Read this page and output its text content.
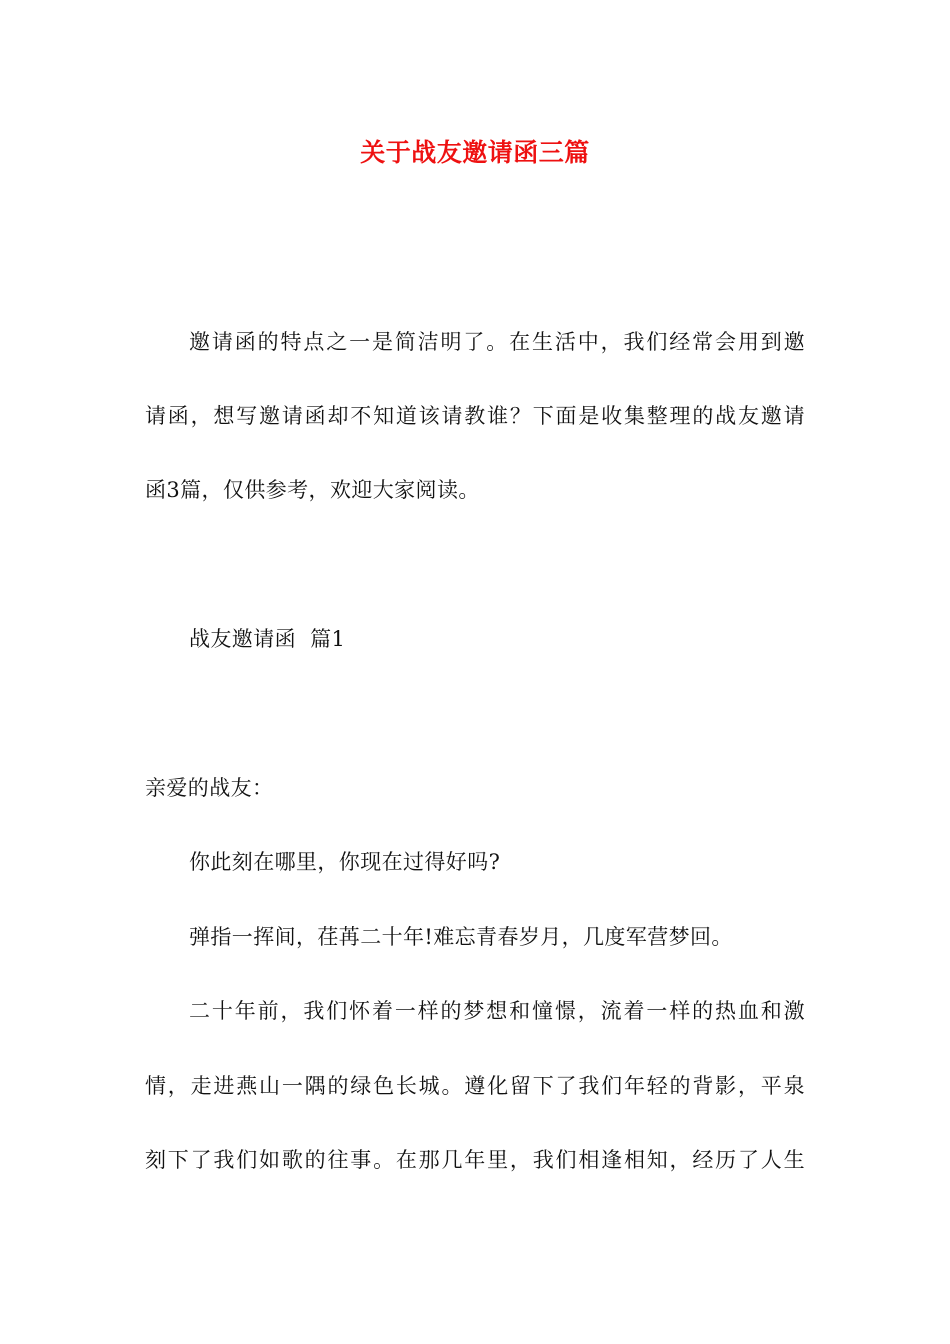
关于战友邀请函三篇
邀请函的特点之一是简洁明了。在生活中，我们经常会用到邀
请函，想写邀请函却不知道该请教谁？下面是收集整理的战友邀请
函3篇，仅供参考，欢迎大家阅读。
战友邀请函  篇1
亲爱的战友：
你此刻在哪里，你现在过得好吗?
弹指一挥间，荏苒二十年!难忘青春岁月，几度军营梦回。
二十年前，我们怀着一样的梦想和憧憬，流着一样的热血和激
情，走进燕山一隅的绿色长城。遵化留下了我们年轻的背影，平泉
刻下了我们如歌的往事。在那几年里，我们相逢相知，经历了人生
